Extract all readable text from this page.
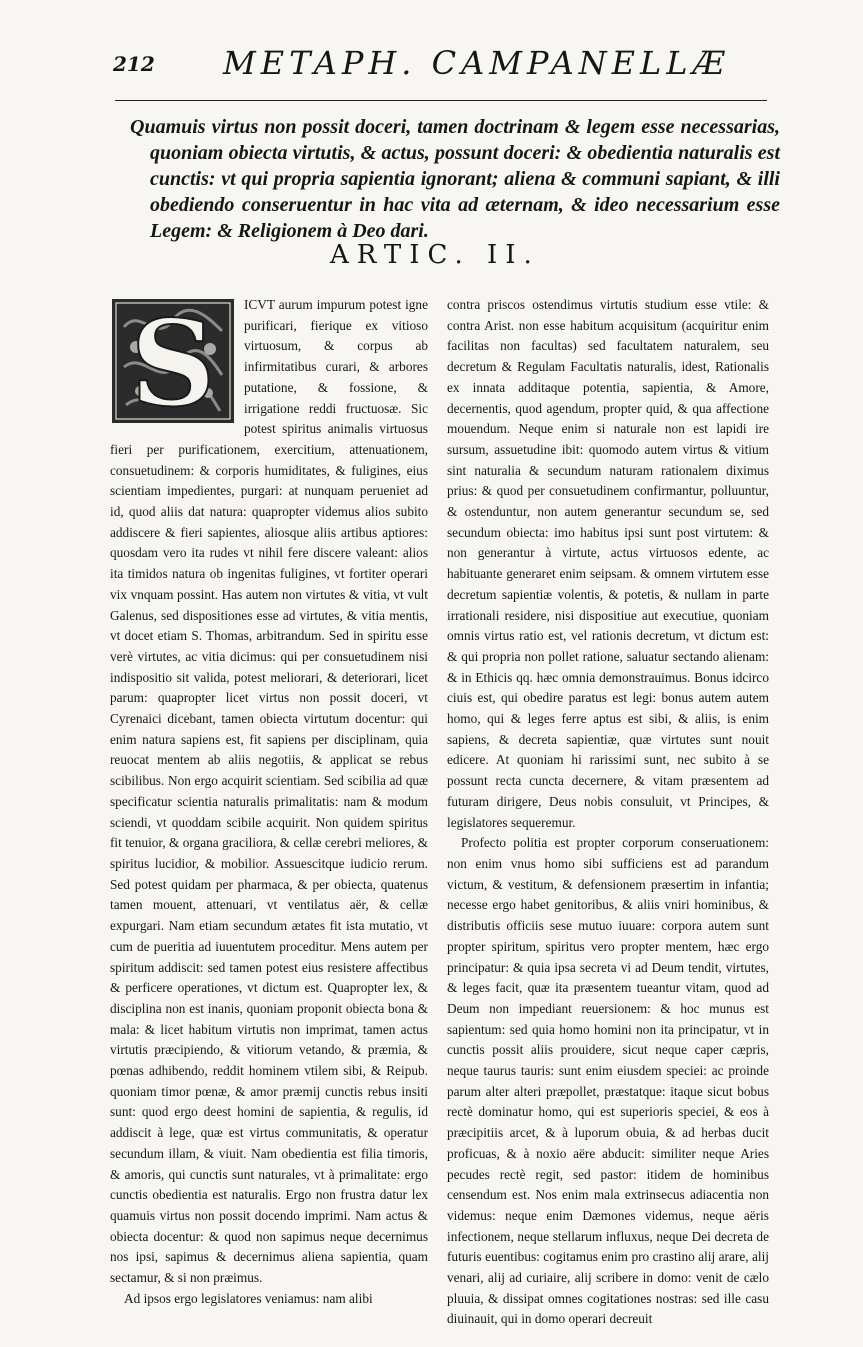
212 METAPH. CAMPANELLÆ

Quamuis virtus non possit doceri, tamen doctrinam & legem esse necessarias, quoniam obiecta virtutis, & actus, possunt doceri: & obedientia naturalis est cunctis: vt qui propria sapientia ignorant; aliena & communi sapiant, & illi obediendo conseruentur in hac vita ad æternam, & ideo necessarium esse Legem: & Religionem à Deo dari.

ARTIC. II.
S	ICVT aurum impurum potest igne purificari, fierique ex vitioso virtuosum, & corpus ab infirmitatibus curari, & arbores putatione, & fossione, & irrigatione reddi fructuosæ. Sic potest spiritus animalis virtuosus fieri per purificationem, exercitium, attenuationem, consuetudinem: & corporis humiditates, & fuligines, eius scientiam impedientes, purgari: at nunquam perueniet ad id, quod aliis dat natura: quapropter videmus alios subito addiscere & fieri sapientes, aliosque aliis artibus aptiores: quosdam vero ita rudes vt nihil fere discere valeant: alios ita timidos natura ob ingenitas fuligines, vt fortiter operari vix vnquam possint. Has autem non virtutes & vitia, vt vult Galenus, sed dispositiones esse ad virtutes, & vitia mentis, vt docet etiam S. Thomas, arbitrandum. Sed in spiritu esse verè virtutes, ac vitia dicimus: qui per consuetudinem nisi indispositio sit valida, potest meliorari, & deteriorari, licet parum: quapropter licet virtus non possit doceri, vt Cyrenaici dicebant, tamen obiecta virtutum docentur: qui enim natura sapiens est, fit sapiens per disciplinam, quia reuocat mentem ab aliis negotiis, & applicat se rebus scibilibus. Non ergo acquirit scientiam. Sed scibilia ad quæ specificatur scientia naturalis primalitatis: nam & modum sciendi, vt quoddam scibile acquirit. Non quidem spiritus fit tenuior, & organa graciliora, & cellæ cerebri meliores, & spiritus lucidior, & mobilior. Assuescitque iudicio rerum. Sed potest quidam per pharmaca, & per obiecta, quatenus tamen mouent, attenuari, vt ventilatus aër, & cellæ expurgari. Nam etiam secundum ætates fit ista mutatio, vt cum de pueritia ad iuuentutem proceditur. Mens autem per spiritum addiscit: sed tamen potest eius resistere affectibus & perficere operationes, vt dictum est. Quapropter lex, & disciplina non est inanis, quoniam proponit obiecta bona & mala: & licet habitum virtutis non imprimat, tamen actus virtutis præcipiendo, & vitiorum vetando, & præmia, & pœnas adhibendo, reddit hominem vtilem sibi, & Reipub. quoniam timor pœnæ, & amor præmij cunctis rebus insiti sunt: quod ergo deest homini de sapientia, & regulis, id addiscit à lege, quæ est virtus communitatis, & operatur secundum illam, & viuit. Nam obedientia est filia timoris, & amoris, qui cunctis sunt naturales, vt à primalitate: ergo cunctis obedientia est naturalis. Ergo non frustra datur lex quamuis virtus non possit docendo imprimi. Nam actus & obiecta docentur: & quod non sapimus neque decernimus nos ipsi, sapimus & decernimus aliena sapientia, quam sectamur, & si non præimus.

Ad ipsos ergo legislatores veniamus: nam alibi

contra priscos ostendimus virtutis studium esse vtile: & contra Arist. non esse habitum acquisitum (acquiritur enim facilitas non facultas) sed facultatem naturalem, seu decretum & Regulam Facultatis naturalis, idest, Rationalis ex innata additaque potentia, sapientia, & Amore, decernentis, quod agendum, propter quid, & qua affectione mouendum. Neque enim si naturale non est lapidi ire sursum, assuetudine ibit: quomodo autem virtus & vitium sint naturalia & secundum naturam rationalem diximus prius: & quod per consuetudinem confirmantur, polluuntur, & ostenduntur, non autem generantur secundum se, sed secundum obiecta: imo habitus ipsi sunt post virtutem: & non generantur à virtute, actus virtuosos edente, ac habituante generaret enim seipsam. & omnem virtutem esse decretum sapientiæ volentis, & potetis, & nullam in parte irrationali residere, nisi dispositiue aut executiue, quoniam omnis virtus ratio est, vel rationis decretum, vt dictum est: & qui propria non pollet ratione, saluatur sectando alienam: & in Ethicis qq. hæc omnia demonstrauimus. Bonus idcirco ciuis est, qui obedire paratus est legi: bonus autem autem homo, qui & leges ferre aptus est sibi, & aliis, is enim sapiens, & decreta sapientiæ, quæ virtutes sunt nouit edicere. At quoniam hi rarissimi sunt, nec subito à se possunt recta cuncta decernere, & vitam præsentem ad futuram dirigere, Deus nobis consuluit, vt Principes, & legislatores sequeremur.

Profecto politia est propter corporum conseruationem: non enim vnus homo sibi sufficiens est ad parandum victum, & vestitum, & defensionem præsertim in infantia; necesse ergo habet genitoribus, & aliis vniri hominibus, & distributis officiis sese mutuo iuuare: corpora autem sunt propter spiritum, spiritus vero propter mentem, hæc ergo principatur: & quia ipsa secreta vi ad Deum tendit, virtutes, & leges facit, quæ ita præsentem tueantur vitam, quod ad Deum non impediant reuersionem: & hoc munus est sapientum: sed quia homo homini non ita principatur, vt in cunctis possit aliis prouidere, sicut neque caper cæpris, neque taurus tauris: sunt enim eiusdem speciei: ac proinde parum alter alteri præpollet, præstatque: itaque sicut bobus rectè dominatur homo, qui est superioris speciei, & eos à præcipitiis arcet, & à luporum obuia, & ad herbas ducit proficuas, & à noxio aëre abducit: similiter neque Aries pecudes rectè regit, sed pastor: itidem de hominibus censendum est. Nos enim mala extrinsecus adiacentia non videmus: neque enim Dæmones videmus, neque aëris infectionem, neque stellarum influxus, neque Dei decreta de futuris euentibus: cogitamus enim pro crastino alij arare, alij venari, alij ad curiaire, alij scribere in domo: venit de cælo pluuia, & dissipat omnes cogitationes nostras: sed ille casu diuinauit, qui in domo operari decreuit
